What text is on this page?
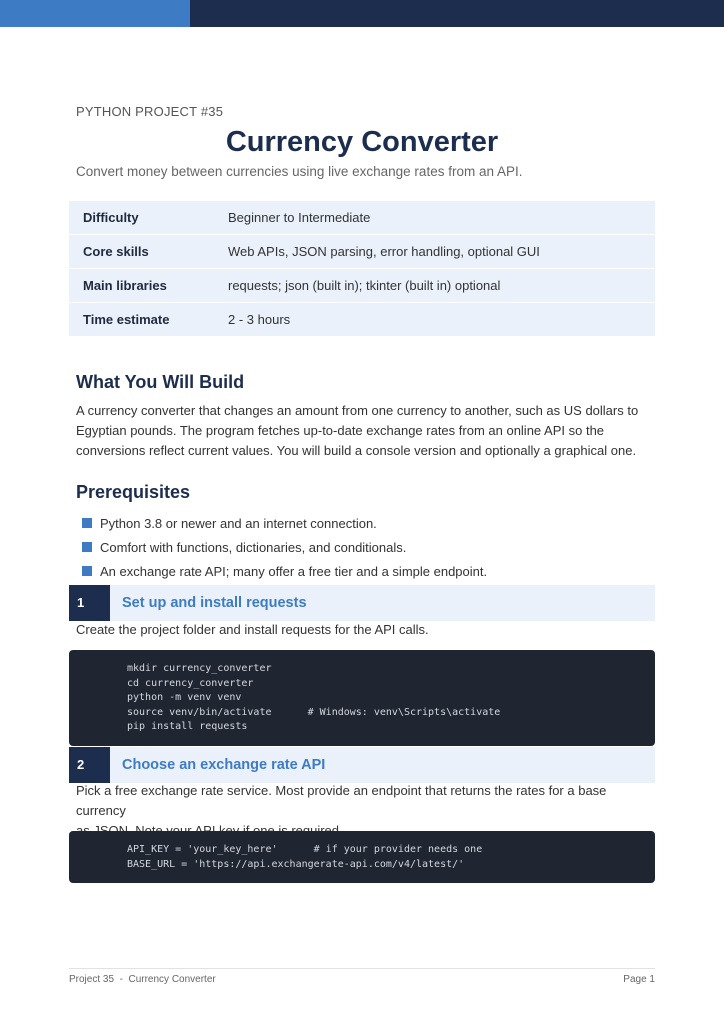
PYTHON PROJECT #35
Currency Converter
Convert money between currencies using live exchange rates from an API.
Difficulty	Beginner to Intermediate
Core skills	Web APIs, JSON parsing, error handling, optional GUI
Main libraries	requests; json (built in); tkinter (built in) optional
Time estimate	2 - 3 hours
What You Will Build
A currency converter that changes an amount from one currency to another, such as US dollars to
Egyptian pounds. The program fetches up-to-date exchange rates from an online API so the
conversions reflect current values. You will build a console version and optionally a graphical one.
Prerequisites
Python 3.8 or newer and an internet connection.
Comfort with functions, dictionaries, and conditionals.
An exchange rate API; many offer a free tier and a simple endpoint.
1	Set up and install requests
Create the project folder and install requests for the API calls.
mkdir currency_converter
cd currency_converter
python -m venv venv
source venv/bin/activate      # Windows: venv\Scripts\activate
pip install requests
2	Choose an exchange rate API
Pick a free exchange rate service. Most provide an endpoint that returns the rates for a base currency
API_KEY = 'your_key_here'      # if your provider needs one
BASE_URL = 'https://api.exchangerate-api.com/v4/latest/'
Project 35  -  Currency Converter	Page 1
